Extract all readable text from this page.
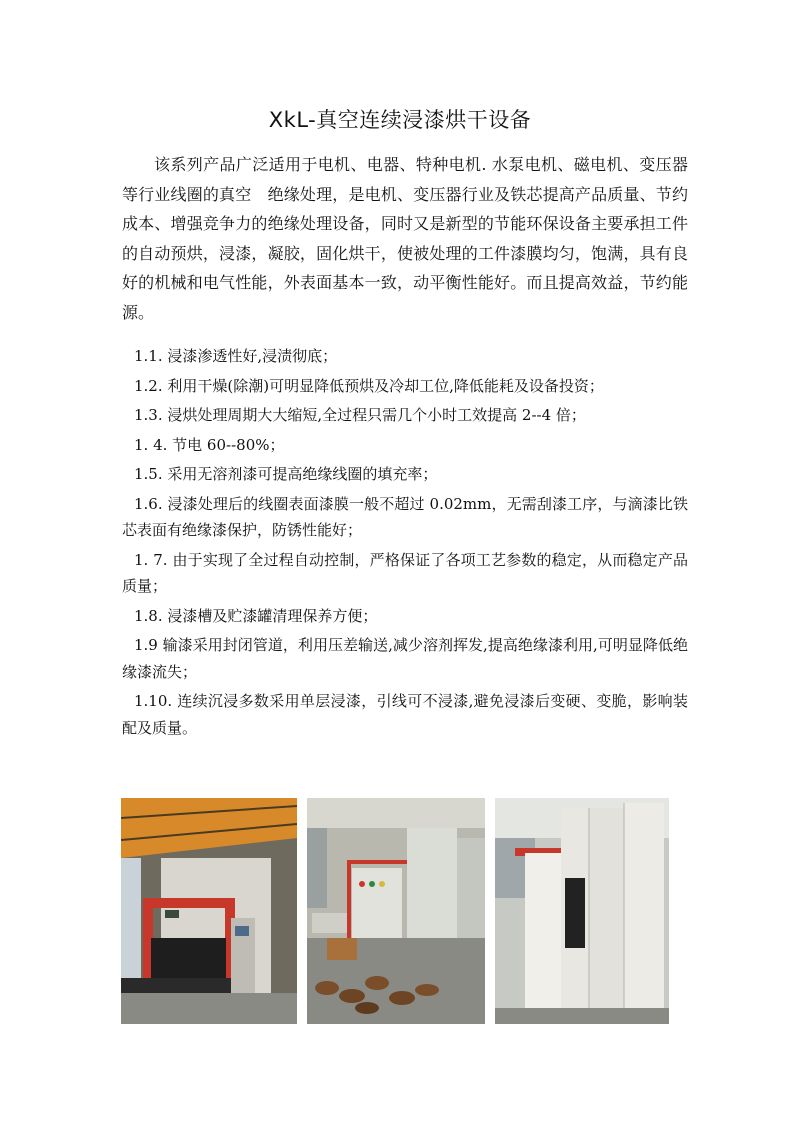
XkL-真空连续浸漆烘干设备

该系列产品广泛适用于电机、电器、特种电机. 水泵电机、磁电机、变压器等行业线圈的真空　绝缘处理，是电机、变压器行业及铁芯提高产品质量、节约成本、增强竞争力的绝缘处理设备，同时又是新型的节能环保设备主要承担工件的自动预烘，浸漆，凝胶，固化烘干，使被处理的工件漆膜均匀，饱满，具有良好的机械和电气性能，外表面基本一致，动平衡性能好。而且提高效益，节约能源。

1.1. 浸漆渗透性好,浸渍彻底；

1.2. 利用干燥(除潮)可明显降低预烘及冷却工位,降低能耗及设备投资；

1.3. 浸烘处理周期大大缩短,全过程只需几个小时工效提高 2--4 倍；

1. 4. 节电 60--80%；

1.5. 采用无溶剂漆可提高绝缘线圈的填充率；

1.6. 浸漆处理后的线圈表面漆膜一般不超过 0.02mm，无需刮漆工序，与滴漆比铁芯表面有绝缘漆保护，防锈性能好；

1. 7. 由于实现了全过程自动控制，严格保证了各项工艺参数的稳定，从而稳定产品质量；

1.8. 浸漆槽及贮漆罐清理保养方便；

1.9 输漆采用封闭管道，利用压差输送,减少溶剂挥发,提高绝缘漆利用,可明显降低绝缘漆流失；

1.10. 连续沉浸多数采用单层浸漆，引线可不浸漆,避免浸漆后变硬、变脆，影响装配及质量。
